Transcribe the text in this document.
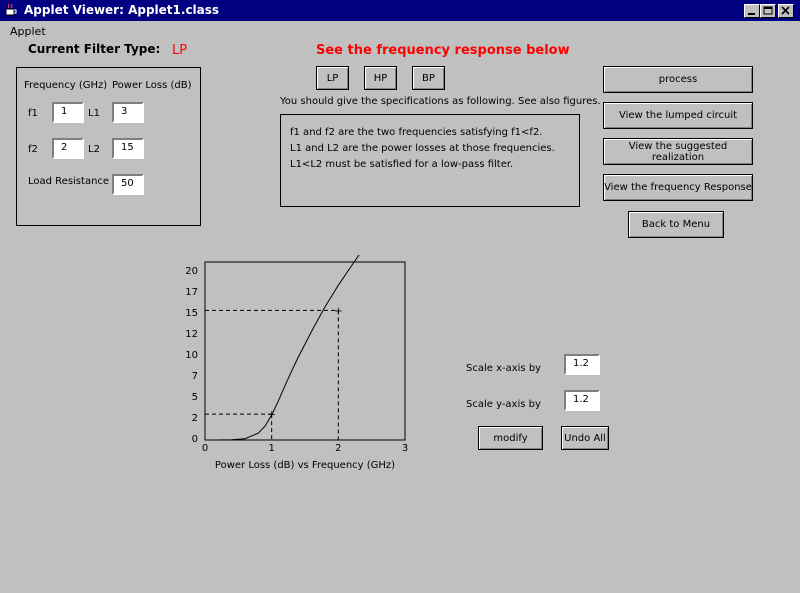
Applet Viewer: Applet1.class
Applet
Current Filter Type: LP	See the frequency response below
Frequency (GHz) Power Loss (dB)
f1	1	L1	3
f2	2	L2	15
Load Resistance	50
LP	HP	BP
You should give the specifications as following. See also figures.
f1 and f2 are the two frequencies satisfying f1<f2.
L1 and L2 are the power losses at those frequencies.
L1<L2 must be satisfied for a low-pass filter.
process
View the lumped circuit
View the suggested realization
View the frequency Response
Back to Menu
0
2
5
7
10
12
15
17
20
0	1	2	3
+
+
Power Loss (dB) vs Frequency (GHz)
Scale x-axis by	1.2
Scale y-axis by	1.2
modify	Undo All
